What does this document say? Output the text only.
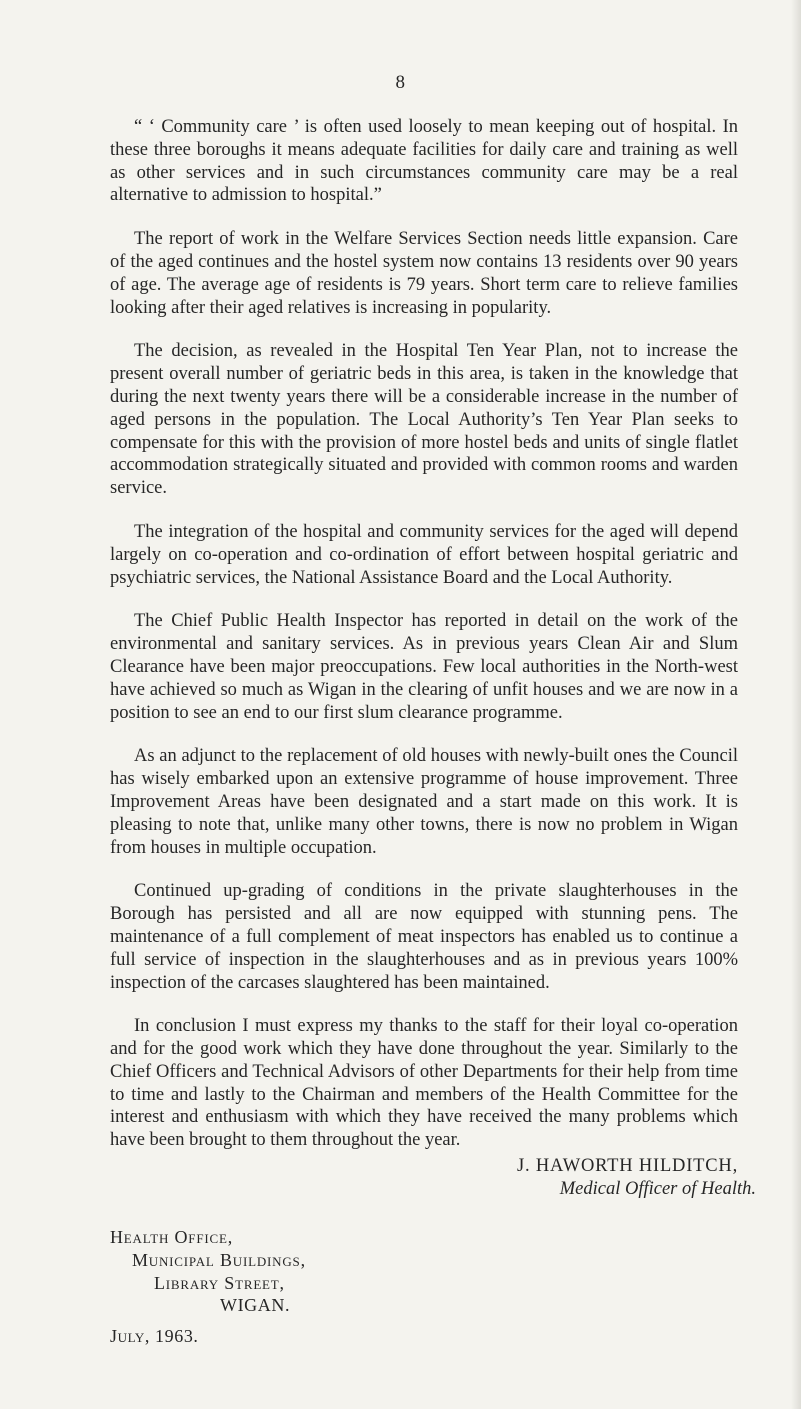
8

“ ‘ Community care ’ is often used loosely to mean keeping out of hospital. In these three boroughs it means adequate facilities for daily care and training as well as other services and in such circumstances community care may be a real alternative to admission to hospital.”

The report of work in the Welfare Services Section needs little expansion. Care of the aged continues and the hostel system now contains 13 residents over 90 years of age. The average age of residents is 79 years. Short term care to relieve families looking after their aged relatives is increasing in popularity.

The decision, as revealed in the Hospital Ten Year Plan, not to increase the present overall number of geriatric beds in this area, is taken in the knowledge that during the next twenty years there will be a considerable increase in the number of aged persons in the population. The Local Authority’s Ten Year Plan seeks to compensate for this with the provision of more hostel beds and units of single flatlet accommodation strategically situated and provided with common rooms and warden service.

The integration of the hospital and community services for the aged will depend largely on co-operation and co-ordination of effort between hospital geriatric and psychiatric services, the National Assistance Board and the Local Authority.

The Chief Public Health Inspector has reported in detail on the work of the environmental and sanitary services. As in previous years Clean Air and Slum Clearance have been major preoccupations. Few local authorities in the North-west have achieved so much as Wigan in the clearing of unfit houses and we are now in a position to see an end to our first slum clearance programme.

As an adjunct to the replacement of old houses with newly-built ones the Council has wisely embarked upon an extensive programme of house improvement. Three Improvement Areas have been designated and a start made on this work. It is pleasing to note that, unlike many other towns, there is now no problem in Wigan from houses in multiple occupation.

Continued up-grading of conditions in the private slaughterhouses in the Borough has persisted and all are now equipped with stunning pens. The maintenance of a full complement of meat inspectors has enabled us to continue a full service of inspection in the slaughterhouses and as in previous years 100% inspection of the carcases slaughtered has been maintained.

In conclusion I must express my thanks to the staff for their loyal co-operation and for the good work which they have done throughout the year. Similarly to the Chief Officers and Technical Advisors of other Departments for their help from time to time and lastly to the Chairman and members of the Health Committee for the interest and enthusiasm with which they have received the many problems which have been brought to them throughout the year.

J. HAWORTH HILDITCH,
Medical Officer of Health.
Health Office,
Municipal Buildings,
Library Street,
WIGAN.
July, 1963.
